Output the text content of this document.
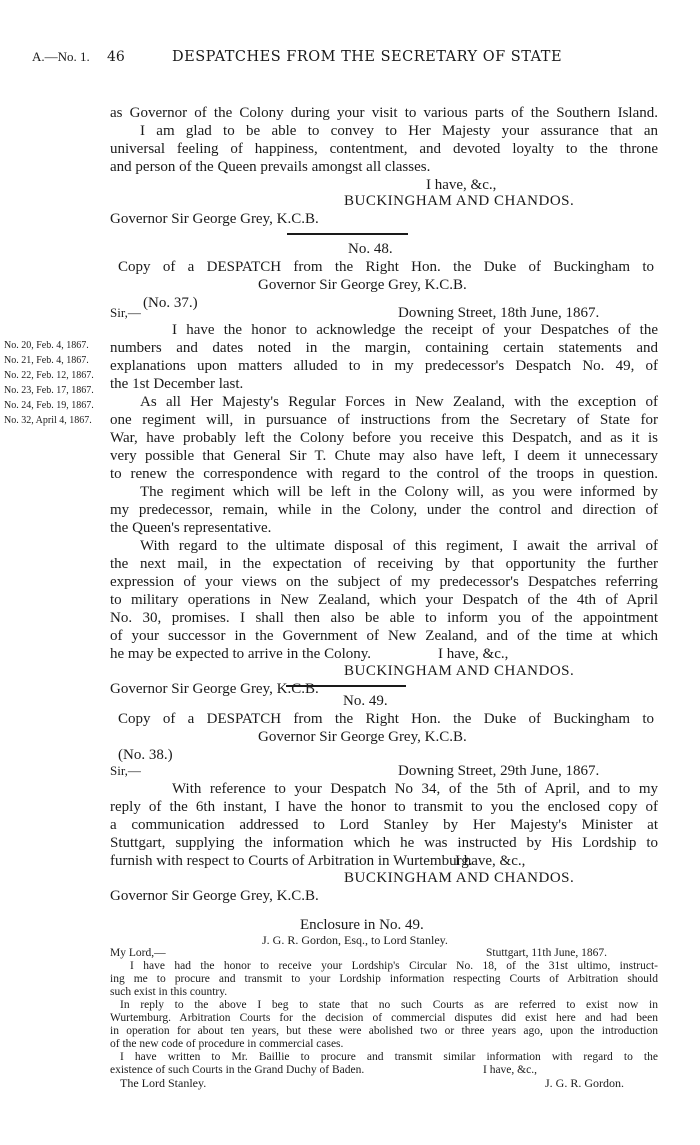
A.—No. 1. 46	DESPATCHES FROM THE SECRETARY OF STATE
as Governor of the Colony during your visit to various parts of the Southern Island.
I am glad to be able to convey to Her Majesty your assurance that an
universal feeling of happiness, contentment, and devoted loyalty to the throne
and person of the Queen prevails amongst all classes.
I have, &c.,
BUCKINGHAM AND CHANDOS.
Governor Sir George Grey, K.C.B.
No. 48.
Copy of a DESPATCH from the Right Hon. the Duke of Buckingham to
Governor Sir George Grey, K.C.B.
(No. 37.)
Sir,—	Downing Street, 18th June, 1867.
No. 20, Feb. 4, 1867.
No. 21, Feb. 4, 1867.
No. 22, Feb. 12, 1867.
No. 23, Feb. 17, 1867.
No. 24, Feb. 19, 1867.
No. 32, April 4, 1867.
I have the honor to acknowledge the receipt of your Despatches of the
numbers and dates noted in the margin, containing certain statements and
explanations upon matters alluded to in my predecessor's Despatch No. 49, of
the 1st December last.
As all Her Majesty's Regular Forces in New Zealand, with the exception of
one regiment will, in pursuance of instructions from the Secretary of State for
War, have probably left the Colony before you receive this Despatch, and as it is
very possible that General Sir T. Chute may also have left, I deem it unnecessary
to renew the correspondence with regard to the control of the troops in question.
The regiment which will be left in the Colony will, as you were informed by
my predecessor, remain, while in the Colony, under the control and direction of
the Queen's representative.
With regard to the ultimate disposal of this regiment, I await the arrival of
the next mail, in the expectation of receiving by that opportunity the further
expression of your views on the subject of my predecessor's Despatches referring
to military operations in New Zealand, which your Despatch of the 4th of April
No. 30, promises. I shall then also be able to inform you of the appointment
of your successor in the Government of New Zealand, and of the time at which
he may be expected to arrive in the Colony.	I have, &c.,
BUCKINGHAM AND CHANDOS.
Governor Sir George Grey, K.C.B.
No. 49.
Copy of a DESPATCH from the Right Hon. the Duke of Buckingham to
Governor Sir George Grey, K.C.B.
(No. 38.)
Sir,—	Downing Street, 29th June, 1867.
With reference to your Despatch No 34, of the 5th of April, and to my
reply of the 6th instant, I have the honor to transmit to you the enclosed copy of
a communication addressed to Lord Stanley by Her Majesty's Minister at
Stuttgart, supplying the information which he was instructed by His Lordship to
furnish with respect to Courts of Arbitration in Wurtemburg.
I have, &c.,
BUCKINGHAM AND CHANDOS.
Governor Sir George Grey, K.C.B.
Enclosure in No. 49.
J. G. R. Gordon, Esq., to Lord Stanley.
My Lord,—	Stuttgart, 11th June, 1867.
I have had the honor to receive your Lordship's Circular No. 18, of the 31st ultimo, instruct-
ing me to procure and transmit to your Lordship information respecting Courts of Arbitration should
such exist in this country.
In reply to the above I beg to state that no such Courts as are referred to exist now in
Wurtemburg. Arbitration Courts for the decision of commercial disputes did exist here and had been
in operation for about ten years, but these were abolished two or three years ago, upon the introduction
of the new code of procedure in commercial cases.
I have written to Mr. Baillie to procure and transmit similar information with regard to the
existence of such Courts in the Grand Duchy of Baden.	I have, &c.,
The Lord Stanley.	J. G. R. Gordon.
